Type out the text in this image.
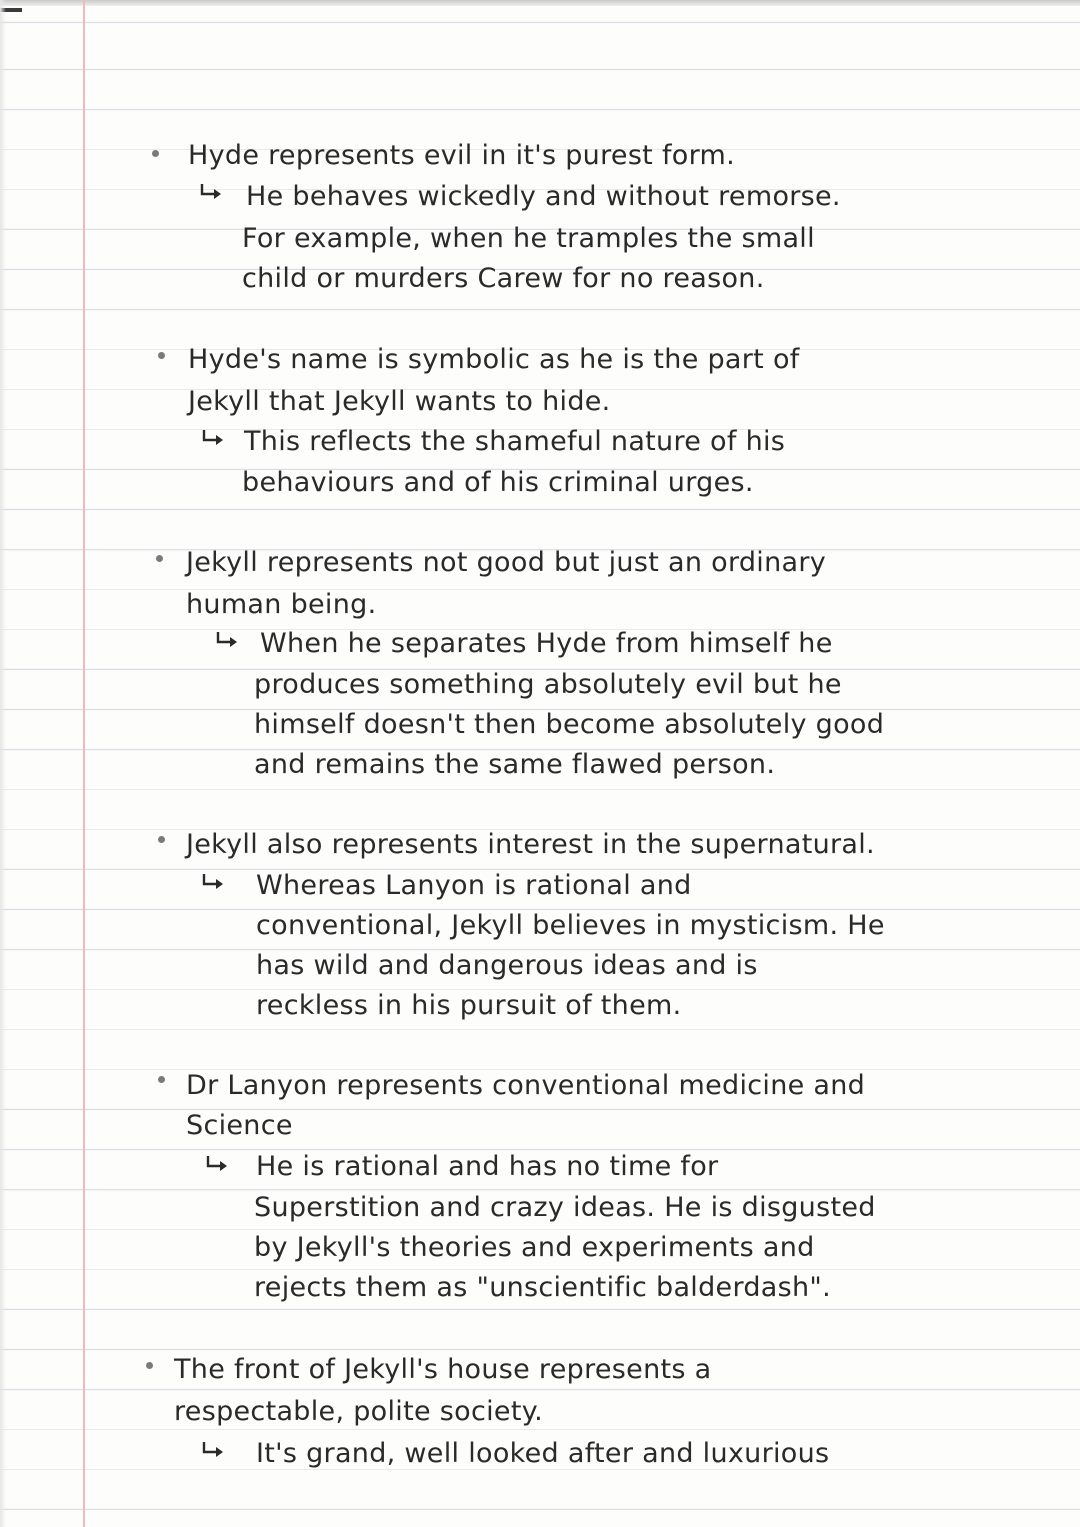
Hyde represents evil in it's purest form.
He behaves wickedly and without remorse.
For example, when he tramples the small
child or murders Carew for no reason.
Hyde's name is symbolic as he is the part of
Jekyll that Jekyll wants to hide.
This reflects the shameful nature of his
behaviours and of his criminal urges.
Jekyll represents not good but just an ordinary
human being.
When he separates Hyde from himself he
produces something absolutely evil but he
himself doesn't then become absolutely good
and remains the same flawed person.
Jekyll also represents interest in the supernatural.
Whereas Lanyon is rational and
conventional, Jekyll believes in mysticism. He
has wild and dangerous ideas and is
reckless in his pursuit of them.
Dr Lanyon represents conventional medicine and
Science
He is rational and has no time for
Superstition and crazy ideas. He is disgusted
by Jekyll's theories and experiments and
rejects them as "unscientific balderdash".
The front of Jekyll's house represents a
respectable, polite society.
It's grand, well looked after and luxurious
